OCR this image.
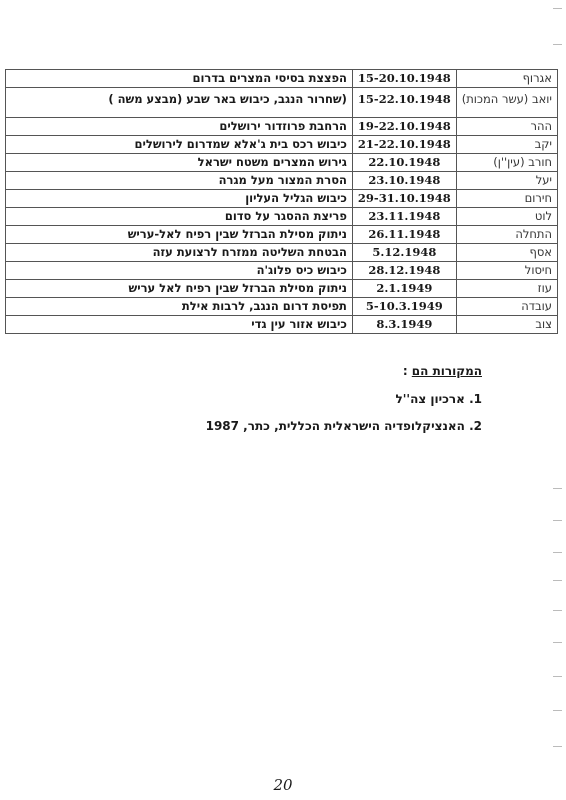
אגרוף	15-20.10.1948	הפצצת בסיסי המצרים בדרום
יואב (עשר המכות)	15-22.10.1948	(שחרור הנגב, כיבוש באר שבע (מבצע משה )
ההר	19-22.10.1948	הרחבת פרוזדור ירושלים
יקב	21-22.10.1948	כיבוש רכס בית ג'אלא שמדרום לירושלים
חורב (עין''ן)	22.10.1948	גירוש המצרים משטח ישראל
יעל	23.10.1948	הסרת המצור מעל מגרה
חירום	29-31.10.1948	כיבוש הגליל העליון
לוט	23.11.1948	פריצת ההסגר על סדום
התחלה	26.11.1948	ניתוק מסילת הברזל שבין רפיח לאל-עריש
אסף	5.12.1948	הבטחת השליטה ממזרח לרצועת עזה
חיסול	28.12.1948	כיבוש כיס פלוג'ה
עוז	2.1.1949	ניתוק מסילת הברזל שבין רפיח לאל עריש
עובדה	5-10.3.1949	תפיסת דרום הנגב, לרבות אילת
צוב	8.3.1949	כיבוש אזור עין גדי
המקורות הם :
1. ארכיון צה''ל
2. האנציקלופדיה הישראלית הכללית, כתר, 1987
20
